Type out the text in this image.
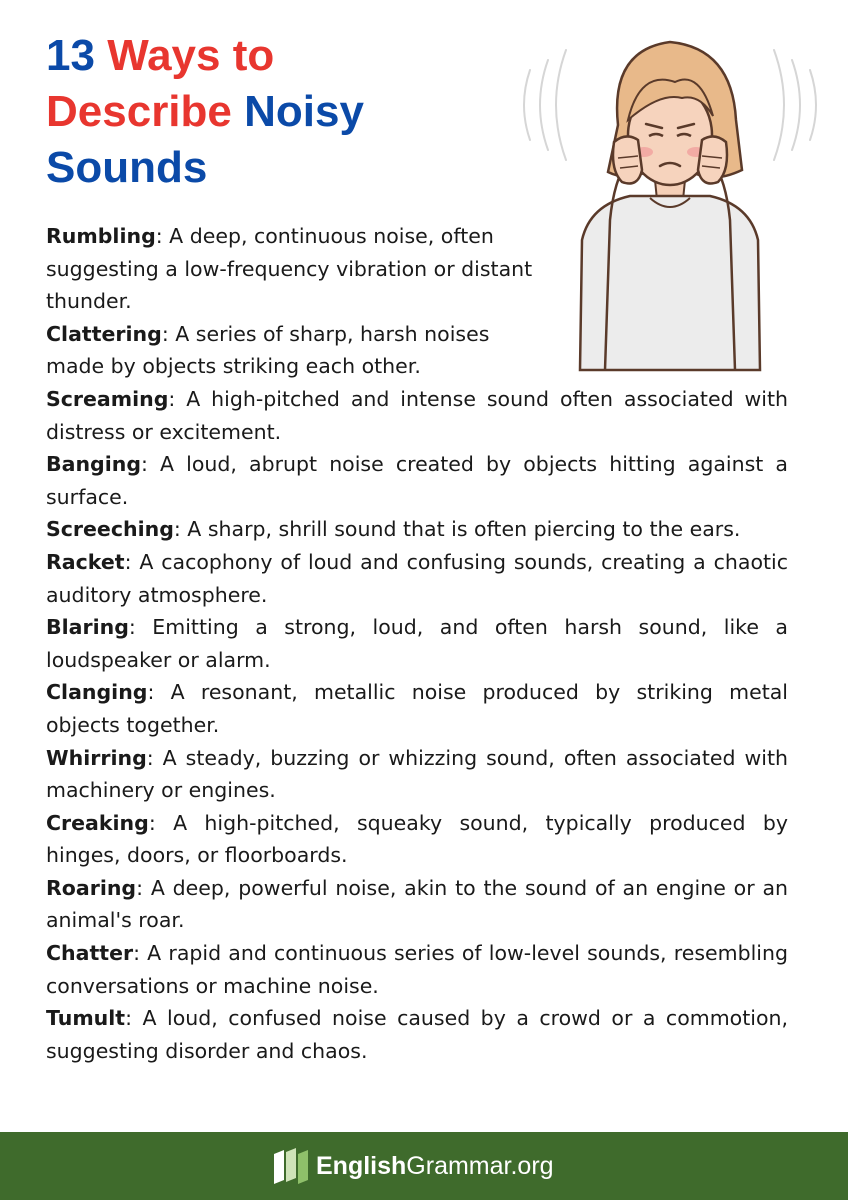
13 Ways to
Describe Noisy
Sounds

Rumbling: A deep, continuous noise, often suggesting a low-frequency vibration or distant thunder.

Clattering: A series of sharp, harsh noises made by objects striking each other.

Screaming: A high-pitched and intense sound often associated with distress or excitement.

Banging: A loud, abrupt noise created by objects hitting against a surface.

Screeching: A sharp, shrill sound that is often piercing to the ears.

Racket: A cacophony of loud and confusing sounds, creating a chaotic auditory atmosphere.

Blaring: Emitting a strong, loud, and often harsh sound, like a loudspeaker or alarm.

Clanging: A resonant, metallic noise produced by striking metal objects together.

Whirring: A steady, buzzing or whizzing sound, often associated with machinery or engines.

Creaking: A high-pitched, squeaky sound, typically produced by hinges, doors, or floorboards.

Roaring: A deep, powerful noise, akin to the sound of an engine or an animal's roar.

Chatter: A rapid and continuous series of low-level sounds, resembling conversations or machine noise.

Tumult: A loud, confused noise caused by a crowd or a commotion, suggesting disorder and chaos.

EnglishGrammar.org
